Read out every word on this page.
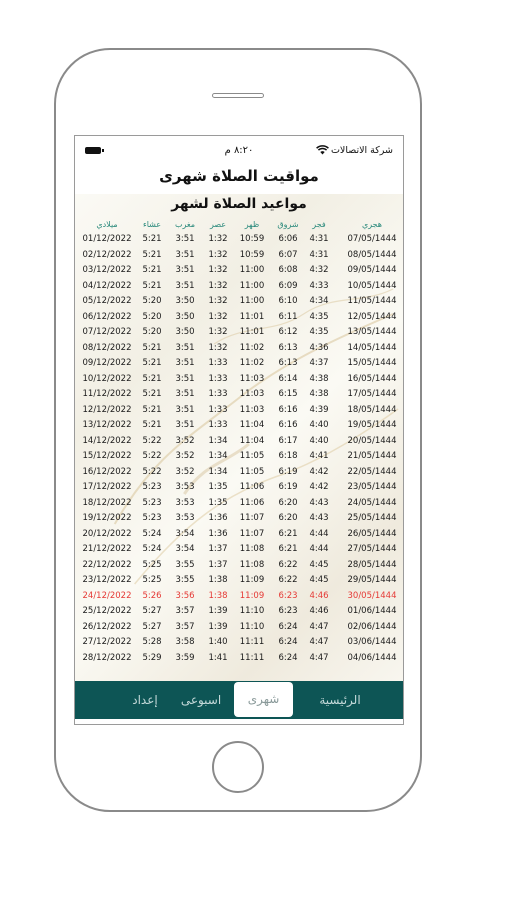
٨:٢٠ م	شركة الاتصالات
مواقيت الصلاة شهرى
مواعيد الصلاة لشهر
ميلادي	عشاء	مغرب	عصر	ظهر	شروق	فجر	هجري
01/12/2022	5:21	3:51	1:32	10:59	6:06	4:31	07/05/1444
02/12/2022	5:21	3:51	1:32	10:59	6:07	4:31	08/05/1444
03/12/2022	5:21	3:51	1:32	11:00	6:08	4:32	09/05/1444
04/12/2022	5:21	3:51	1:32	11:00	6:09	4:33	10/05/1444
05/12/2022	5:20	3:50	1:32	11:00	6:10	4:34	11/05/1444
06/12/2022	5:20	3:50	1:32	11:01	6:11	4:35	12/05/1444
07/12/2022	5:20	3:50	1:32	11:01	6:12	4:35	13/05/1444
08/12/2022	5:21	3:51	1:32	11:02	6:13	4:36	14/05/1444
09/12/2022	5:21	3:51	1:33	11:02	6:13	4:37	15/05/1444
10/12/2022	5:21	3:51	1:33	11:03	6:14	4:38	16/05/1444
11/12/2022	5:21	3:51	1:33	11:03	6:15	4:38	17/05/1444
12/12/2022	5:21	3:51	1:33	11:03	6:16	4:39	18/05/1444
13/12/2022	5:21	3:51	1:33	11:04	6:16	4:40	19/05/1444
14/12/2022	5:22	3:52	1:34	11:04	6:17	4:40	20/05/1444
15/12/2022	5:22	3:52	1:34	11:05	6:18	4:41	21/05/1444
16/12/2022	5:22	3:52	1:34	11:05	6:19	4:42	22/05/1444
17/12/2022	5:23	3:53	1:35	11:06	6:19	4:42	23/05/1444
18/12/2022	5:23	3:53	1:35	11:06	6:20	4:43	24/05/1444
19/12/2022	5:23	3:53	1:36	11:07	6:20	4:43	25/05/1444
20/12/2022	5:24	3:54	1:36	11:07	6:21	4:44	26/05/1444
21/12/2022	5:24	3:54	1:37	11:08	6:21	4:44	27/05/1444
22/12/2022	5:25	3:55	1:37	11:08	6:22	4:45	28/05/1444
23/12/2022	5:25	3:55	1:38	11:09	6:22	4:45	29/05/1444
24/12/2022	5:26	3:56	1:38	11:09	6:23	4:46	30/05/1444
25/12/2022	5:27	3:57	1:39	11:10	6:23	4:46	01/06/1444
26/12/2022	5:27	3:57	1:39	11:10	6:24	4:47	02/06/1444
27/12/2022	5:28	3:58	1:40	11:11	6:24	4:47	03/06/1444
28/12/2022	5:29	3:59	1:41	11:11	6:24	4:47	04/06/1444
الرئيسية
شهرى
اسبوعى
إعداد
